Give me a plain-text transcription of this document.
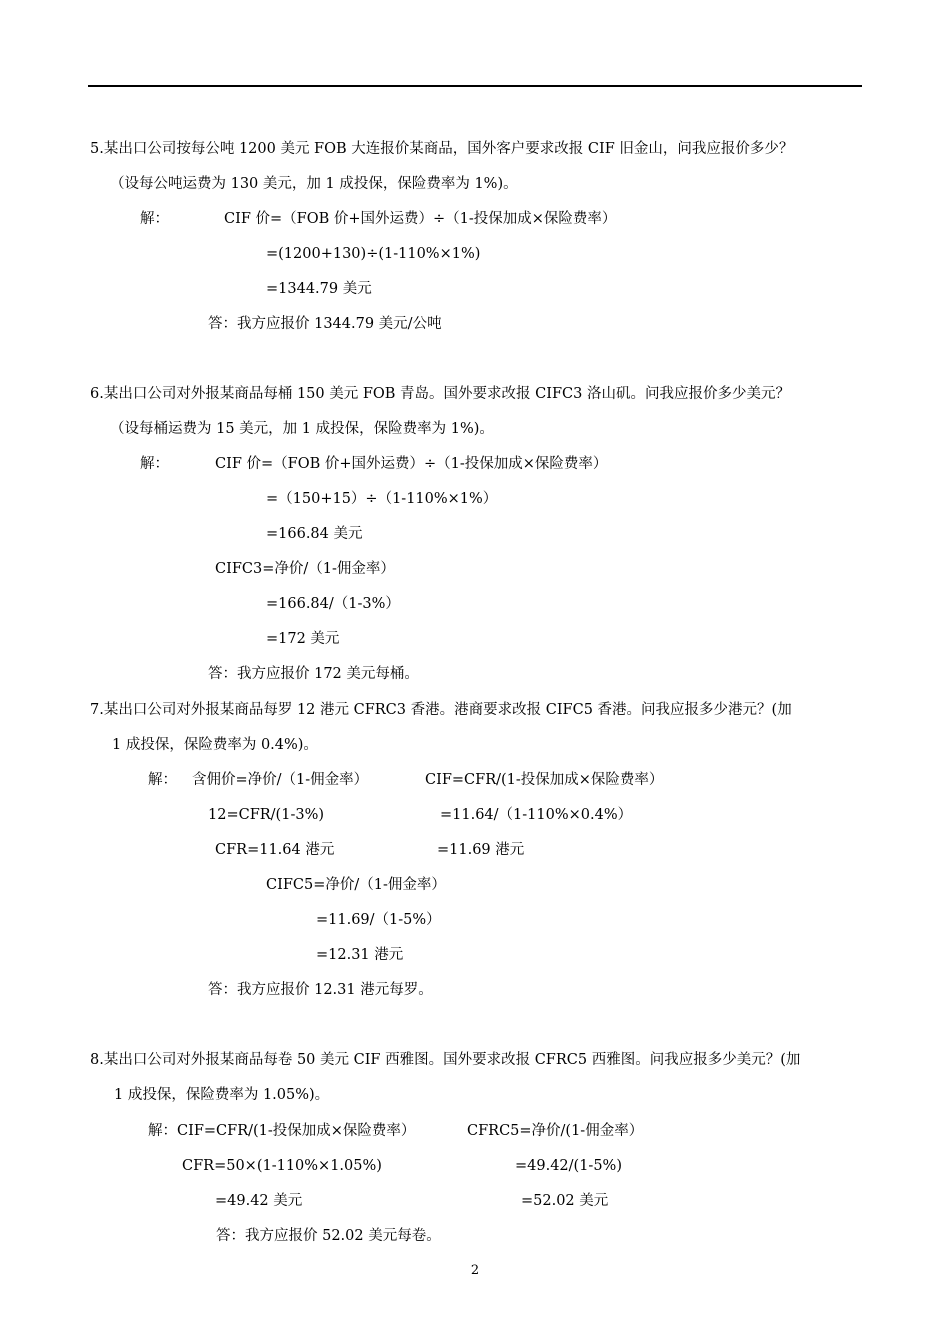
5.某出口公司按每公吨 1200 美元 FOB 大连报价某商品，国外客户要求改报 CIF 旧金山，问我应报价多少？
（设每公吨运费为 130 美元，加 1 成投保，保险费率为 1%)。
解：	CIF 价=（FOB 价+国外运费）÷（1-投保加成×保险费率）
=(1200+130)÷(1-110%×1%)
=1344.79 美元
答：我方应报价 1344.79 美元/公吨
6.某出口公司对外报某商品每桶 150 美元 FOB 青岛。国外要求改报 CIFC3 洛山矶。问我应报价多少美元？
（设每桶运费为 15 美元，加 1 成投保，保险费率为 1%)。
解：	CIF 价=（FOB 价+国外运费）÷（1-投保加成×保险费率）
=（150+15）÷（1-110%×1%）
=166.84 美元
CIFC3=净价/（1-佣金率）
=166.84/（1-3%）
=172 美元
答：我方应报价 172 美元每桶。
7.某出口公司对外报某商品每罗 12 港元 CFRC3 香港。港商要求改报 CIFC5 香港。问我应报多少港元？(加
1 成投保，保险费率为 0.4%)。
解： 含佣价=净价/（1-佣金率）	CIF=CFR/(1-投保加成×保险费率）
12=CFR/(1-3%)	=11.64/（1-110%×0.4%）
CFR=11.64 港元	=11.69 港元
CIFC5=净价/（1-佣金率）
=11.69/（1-5%）
=12.31 港元
答：我方应报价 12.31 港元每罗。
8.某出口公司对外报某商品每卷 50 美元 CIF 西雅图。国外要求改报 CFRC5 西雅图。问我应报多少美元？(加
1 成投保，保险费率为 1.05%)。
解：CIF=CFR/(1-投保加成×保险费率）	CFRC5=净价/(1-佣金率）
CFR=50×(1-110%×1.05%)	=49.42/(1-5%)
=49.42 美元	=52.02 美元
答：我方应报价 52.02 美元每卷。
2
